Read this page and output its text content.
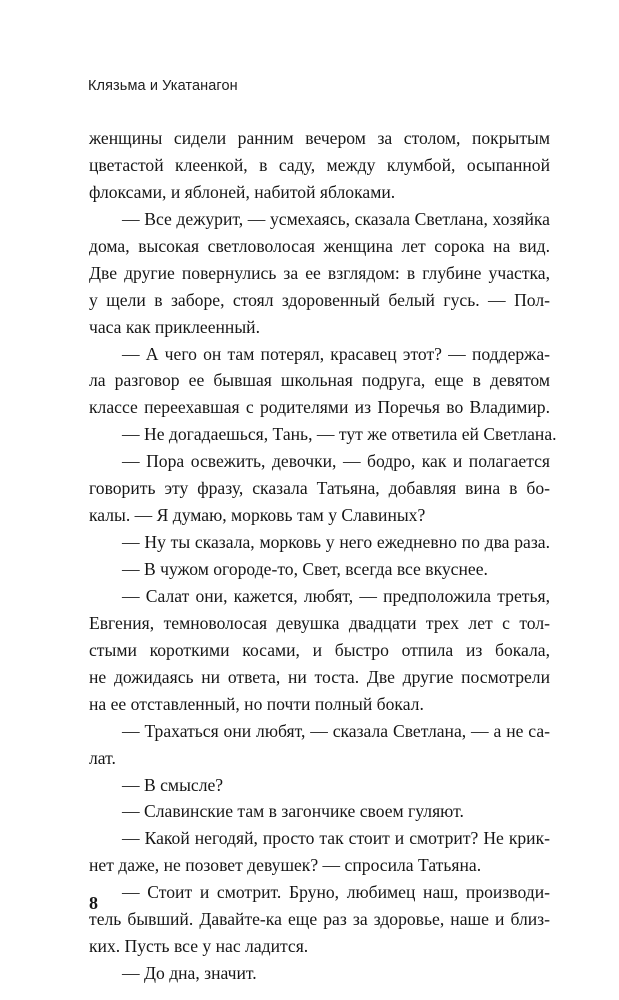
Клязьма и Укатанагон
женщины сидели ранним вечером за столом, покрытым
цветастой клеенкой, в саду, между клумбой, осыпанной
флоксами, и яблоней, набитой яблоками.
— Все дежурит, — усмехаясь, сказала Светлана, хозяйка
дома, высокая светловолосая женщина лет сорока на вид.
Две другие повернулись за ее взглядом: в глубине участка,
у щели в заборе, стоял здоровенный белый гусь. — Пол-
часа как приклеенный.
— А чего он там потерял, красавец этот? — поддержа-
ла разговор ее бывшая школьная подруга, еще в девятом
классе переехавшая с родителями из Поречья во Владимир.
— Не догадаешься, Тань, — тут же ответила ей Светлана.
— Пора освежить, девочки, — бодро, как и полагается
говорить эту фразу, сказала Татьяна, добавляя вина в бо-
калы. — Я думаю, морковь там у Славиных?
— Ну ты сказала, морковь у него ежедневно по два раза.
— В чужом огороде-то, Свет, всегда все вкуснее.
— Салат они, кажется, любят, — предположила третья,
Евгения, темноволосая девушка двадцати трех лет с тол-
стыми короткими косами, и быстро отпила из бокала,
не дожидаясь ни ответа, ни тоста. Две другие посмотрели
на ее отставленный, но почти полный бокал.
— Трахаться они любят, — сказала Светлана, — а не са-
лат.
— В смысле?
— Славинские там в загончике своем гуляют.
— Какой негодяй, просто так стоит и смотрит? Не крик-
нет даже, не позовет девушек? — спросила Татьяна.
— Стоит и смотрит. Бруно, любимец наш, производи-
тель бывший. Давайте-ка еще раз за здоровье, наше и близ-
ких. Пусть все у нас ладится.
— До дна, значит.
8
